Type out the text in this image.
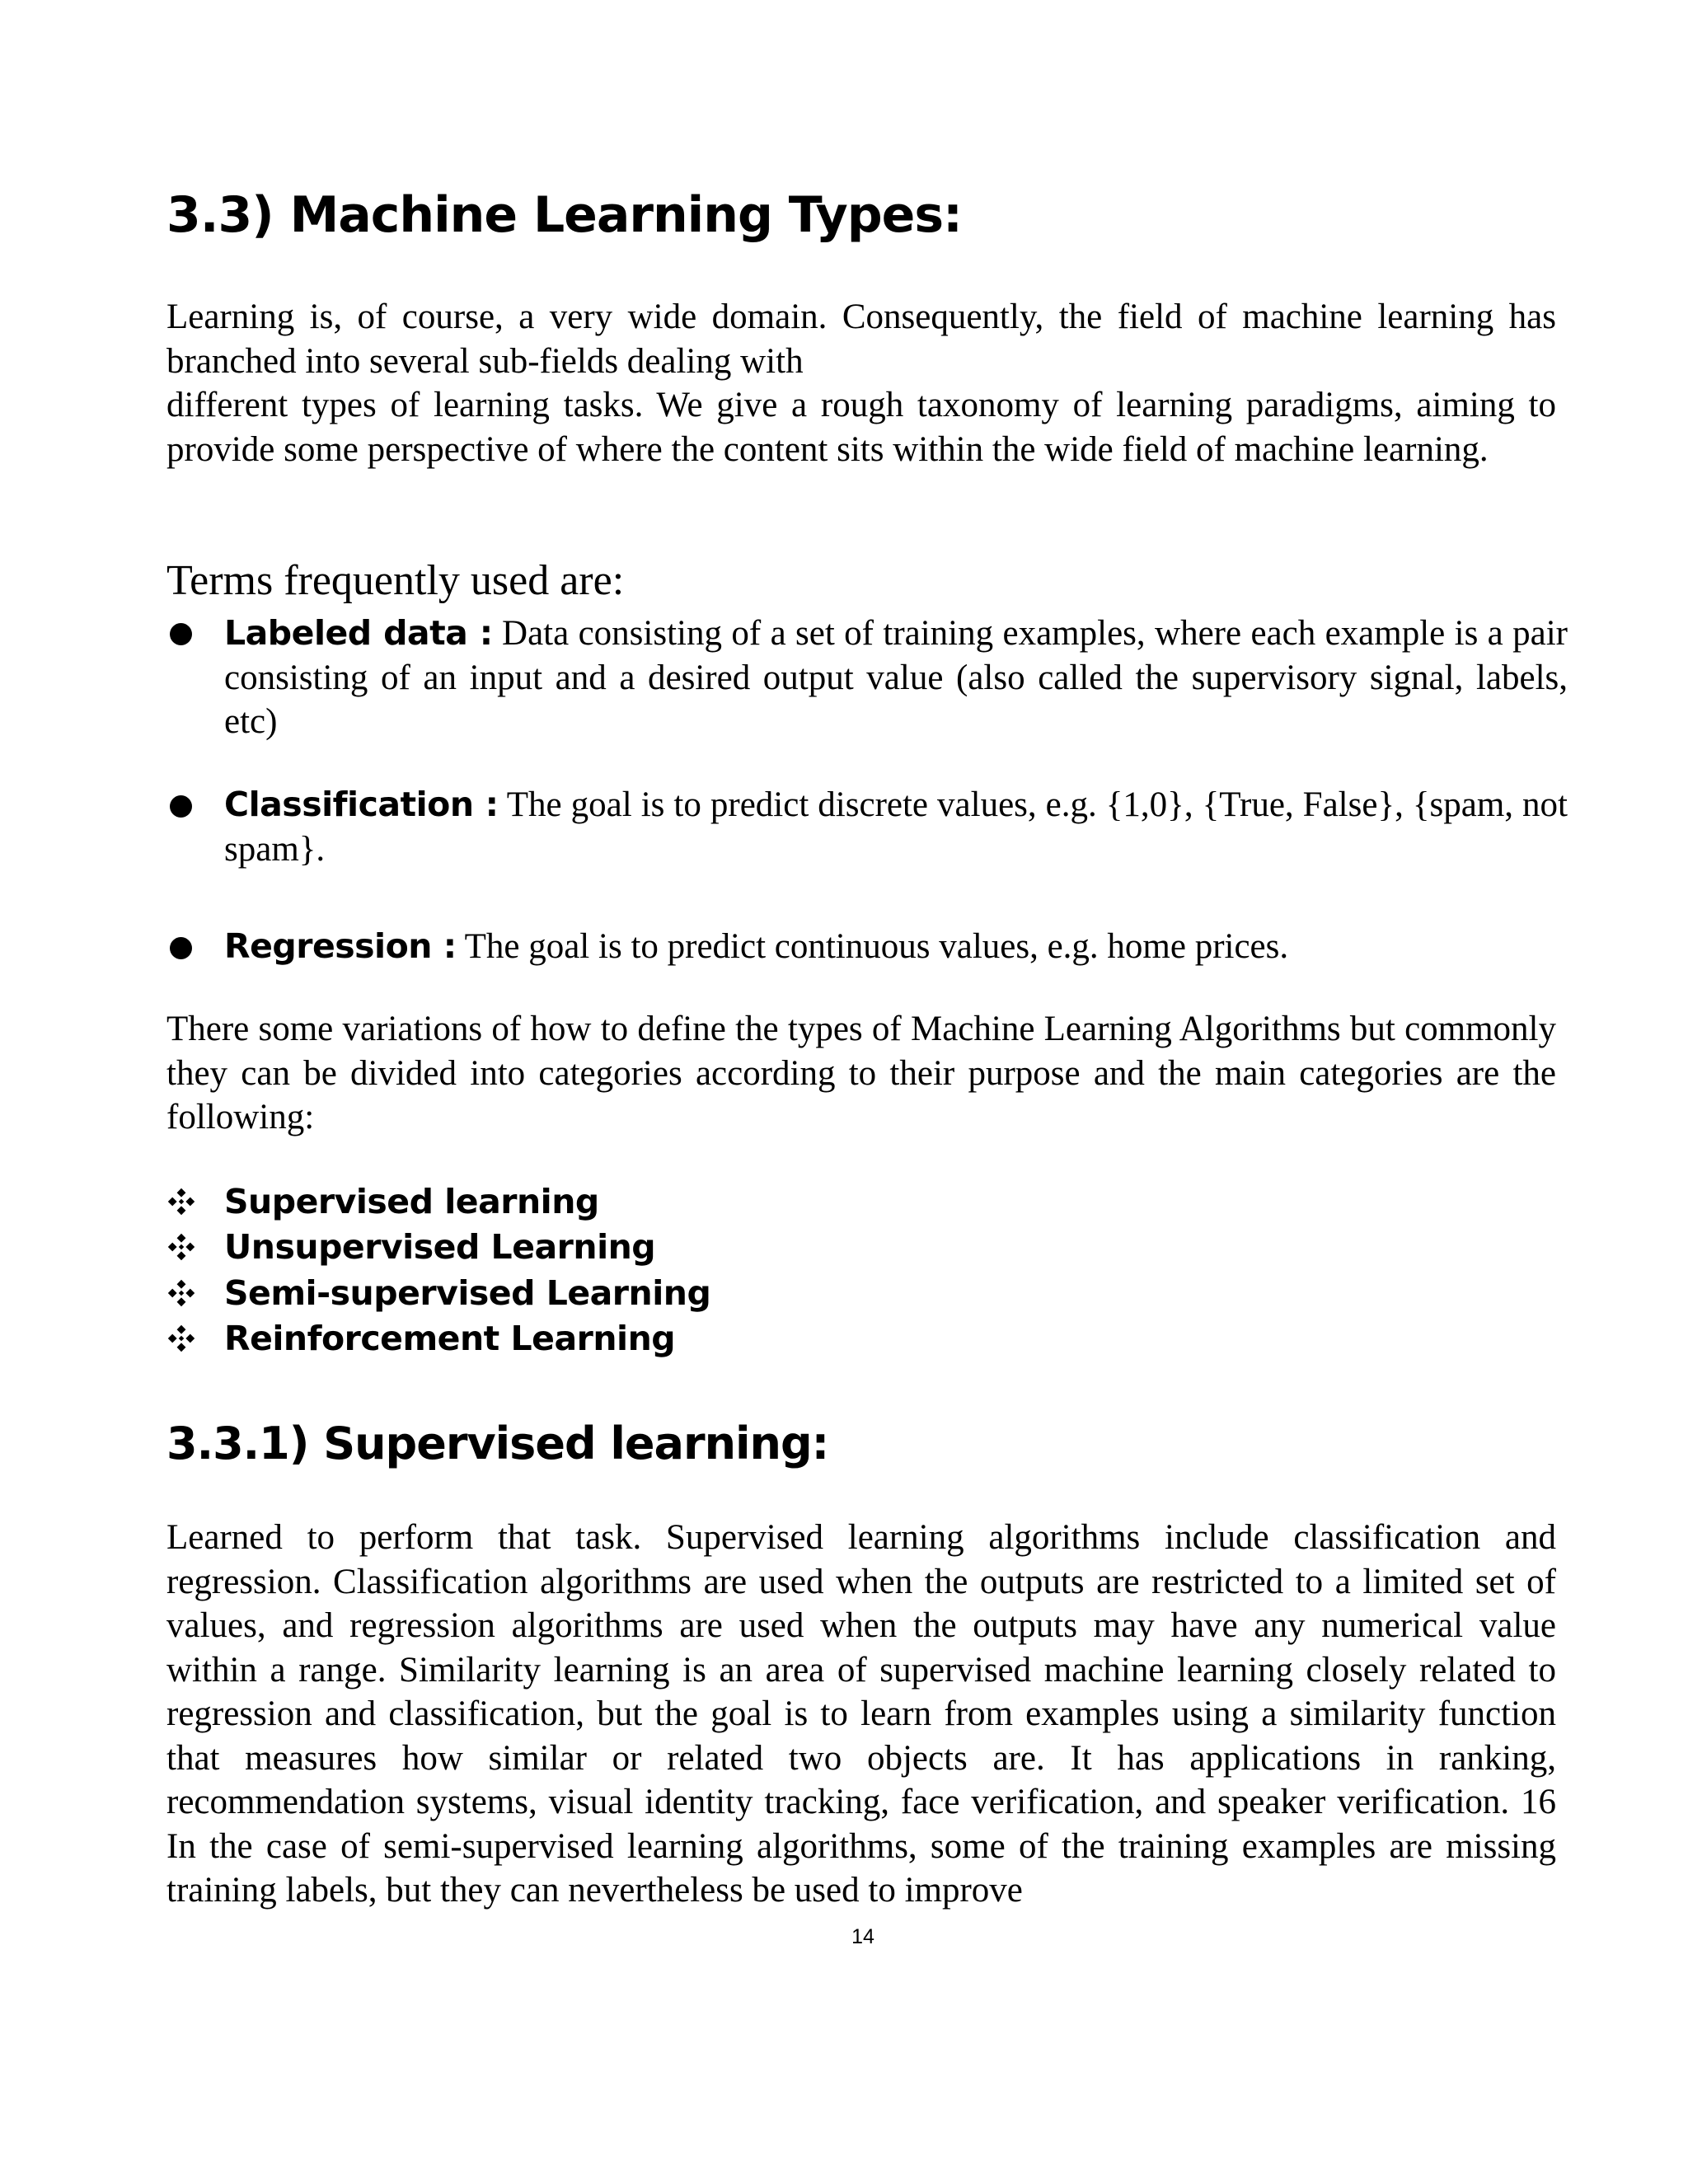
3.3) Machine Learning Types:

Learning is, of course, a very wide domain. Consequently, the field of machine learning has branched into several sub-fields dealing with
different types of learning tasks. We give a rough taxonomy of learning paradigms, aiming to provide some perspective of where the content sits within the wide field of machine learning.

Terms frequently used are:

Labeled data : Data consisting of a set of training examples, where each example is a pair consisting of an input and a desired output value (also called the supervisory signal, labels, etc)
Classification : The goal is to predict discrete values, e.g. {1,0}, {True, False}, {spam, not spam}.
Regression : The goal is to predict continuous values, e.g. home prices.

There some variations of how to define the types of Machine Learning Algorithms but commonly they can be divided into categories according to their purpose and the main categories are the following:

Supervised learning
Unsupervised Learning
Semi-supervised Learning
Reinforcement Learning
3.3.1) Supervised learning:

Learned to perform that task. Supervised learning algorithms include classification and regression. Classification algorithms are used when the outputs are restricted to a limited set of values, and regression algorithms are used when the outputs may have any numerical value within a range. Similarity learning is an area of supervised machine learning closely related to regression and classification, but the goal is to learn from examples using a similarity function that measures how similar or related two objects are. It has applications in ranking, recommendation systems, visual identity tracking, face verification, and speaker verification. 16 In the case of semi-supervised learning algorithms, some of the training examples are missing training labels, but they can nevertheless be used to improve

14
